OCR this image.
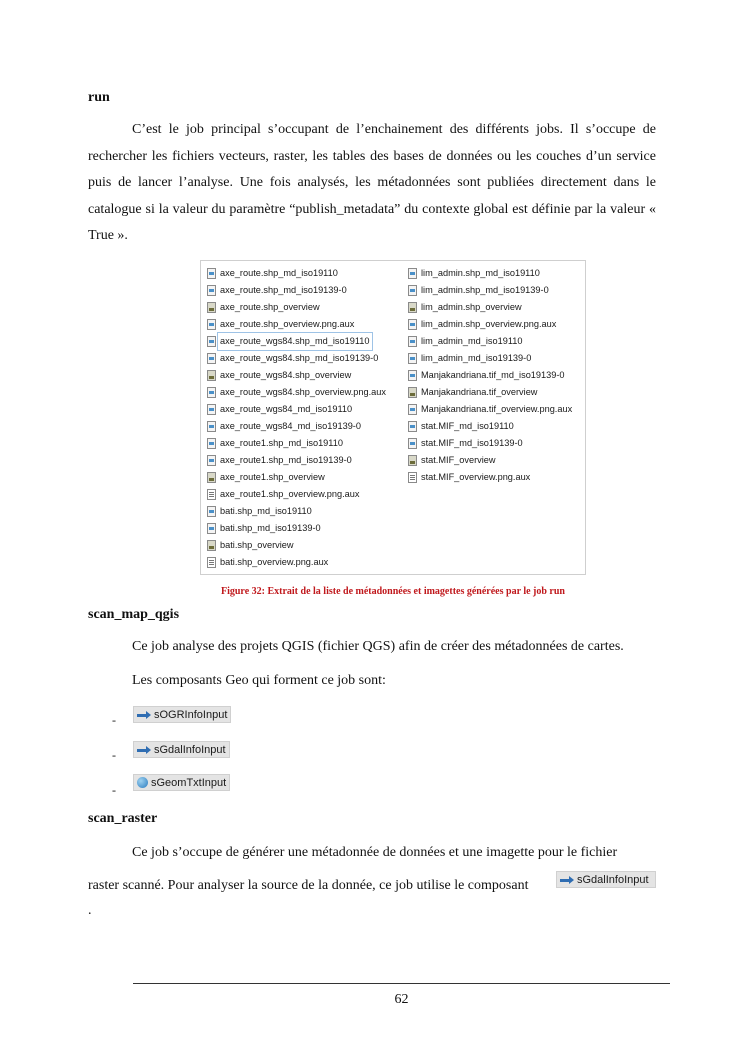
run
C’est le job principal s’occupant de l’enchainement des différents jobs. Il s’occupe de rechercher les fichiers vecteurs, raster, les tables des bases de données ou les couches d’un service puis de lancer l’analyse. Une fois analysés, les métadonnées sont publiées directement dans le catalogue si la valeur du paramètre “publish_metadata” du contexte global est définie par la valeur « True ».
axe_route.shp_md_iso19110
axe_route.shp_md_iso19139-0
axe_route.shp_overview
axe_route.shp_overview.png.aux
axe_route_wgs84.shp_md_iso19110
axe_route_wgs84.shp_md_iso19139-0
axe_route_wgs84.shp_overview
axe_route_wgs84.shp_overview.png.aux
axe_route_wgs84_md_iso19110
axe_route_wgs84_md_iso19139-0
axe_route1.shp_md_iso19110
axe_route1.shp_md_iso19139-0
axe_route1.shp_overview
axe_route1.shp_overview.png.aux
bati.shp_md_iso19110
bati.shp_md_iso19139-0
bati.shp_overview
bati.shp_overview.png.aux
lim_admin.shp_md_iso19110
lim_admin.shp_md_iso19139-0
lim_admin.shp_overview
lim_admin.shp_overview.png.aux
lim_admin_md_iso19110
lim_admin_md_iso19139-0
Manjakandriana.tif_md_iso19139-0
Manjakandriana.tif_overview
Manjakandriana.tif_overview.png.aux
stat.MIF_md_iso19110
stat.MIF_md_iso19139-0
stat.MIF_overview
stat.MIF_overview.png.aux
Figure 32: Extrait de la liste de métadonnées et imagettes générées par le job run
scan_map_qgis
Ce job analyse des projets QGIS (fichier QGS) afin de créer des métadonnées de cartes.
Les composants Geo qui forment ce job sont:
-	sOGRInfoInput
-	sGdalInfoInput
-
sGeomTxtInput
scan_raster
Ce job s’occupe de générer une métadonnée de données et une imagette pour le fichier
raster scanné. Pour analyser la source de la donnée, ce job utilise le composant	sGdalInfoInput
.
62
